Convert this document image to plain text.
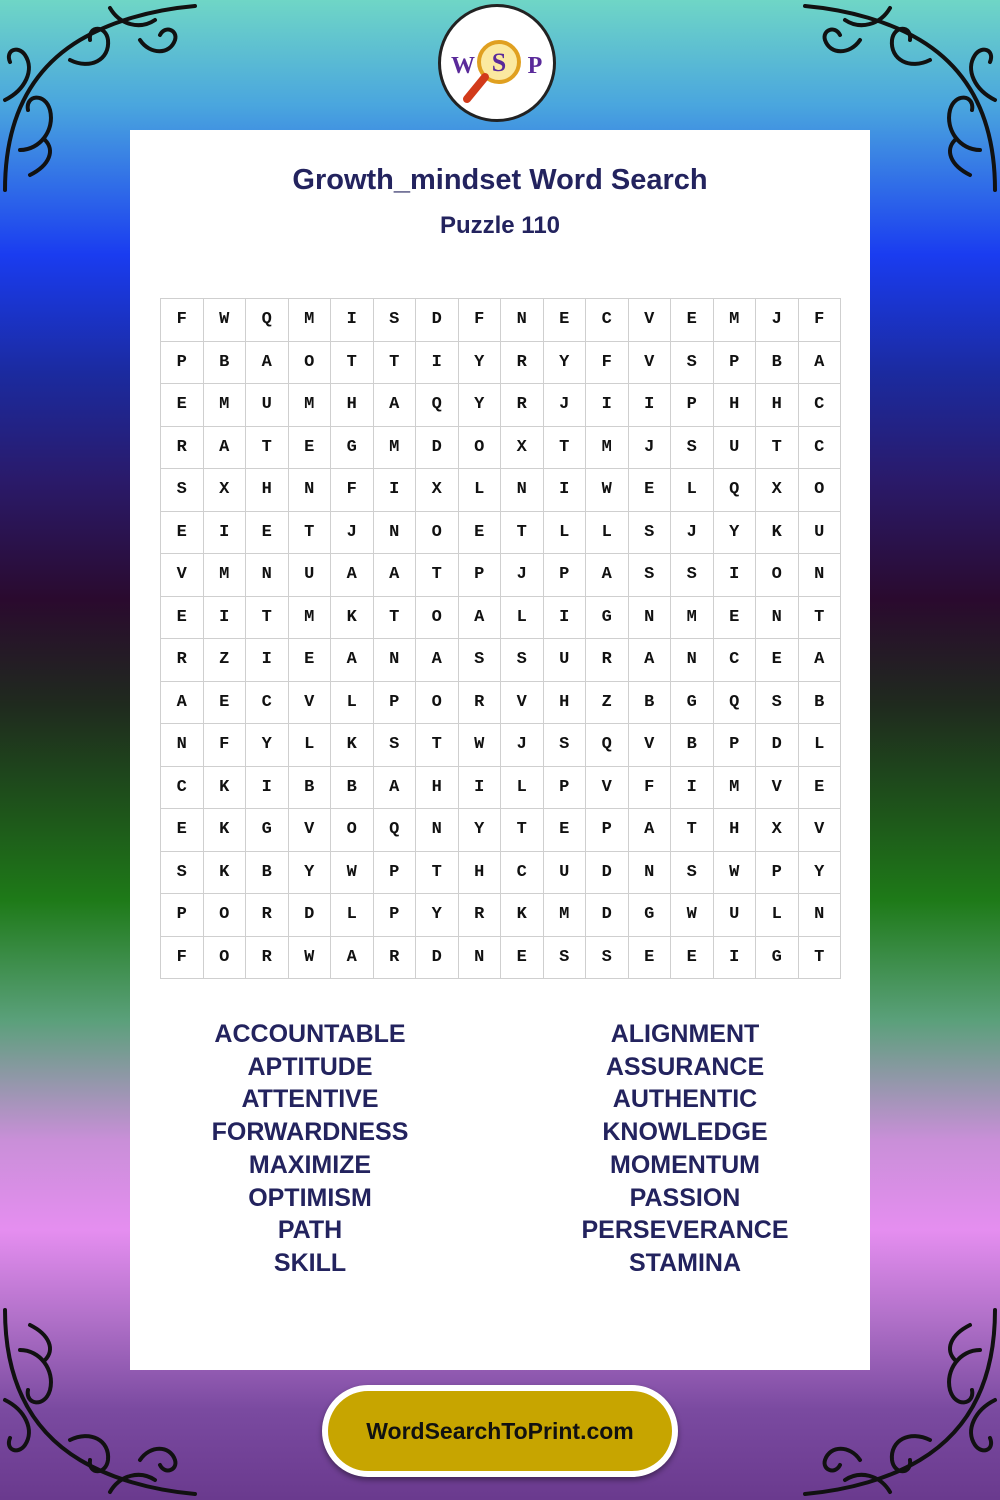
W S P
Growth_mindset Word Search
Puzzle 110
F	W	Q	M	I	S	D	F	N	E	C	V	E	M	J	F
P	B	A	O	T	T	I	Y	R	Y	F	V	S	P	B	A
E	M	U	M	H	A	Q	Y	R	J	I	I	P	H	H	C
R	A	T	E	G	M	D	O	X	T	M	J	S	U	T	C
S	X	H	N	F	I	X	L	N	I	W	E	L	Q	X	O
E	I	E	T	J	N	O	E	T	L	L	S	J	Y	K	U
V	M	N	U	A	A	T	P	J	P	A	S	S	I	O	N
E	I	T	M	K	T	O	A	L	I	G	N	M	E	N	T
R	Z	I	E	A	N	A	S	S	U	R	A	N	C	E	A
A	E	C	V	L	P	O	R	V	H	Z	B	G	Q	S	B
N	F	Y	L	K	S	T	W	J	S	Q	V	B	P	D	L
C	K	I	B	B	A	H	I	L	P	V	F	I	M	V	E
E	K	G	V	O	Q	N	Y	T	E	P	A	T	H	X	V
S	K	B	Y	W	P	T	H	C	U	D	N	S	W	P	Y
P	O	R	D	L	P	Y	R	K	M	D	G	W	U	L	N
F	O	R	W	A	R	D	N	E	S	S	E	E	I	G	T
ACCOUNTABLE
APTITUDE
ATTENTIVE
FORWARDNESS
MAXIMIZE
OPTIMISM
PATH
SKILL
ALIGNMENT
ASSURANCE
AUTHENTIC
KNOWLEDGE
MOMENTUM
PASSION
PERSEVERANCE
STAMINA
WordSearchToPrint.com
